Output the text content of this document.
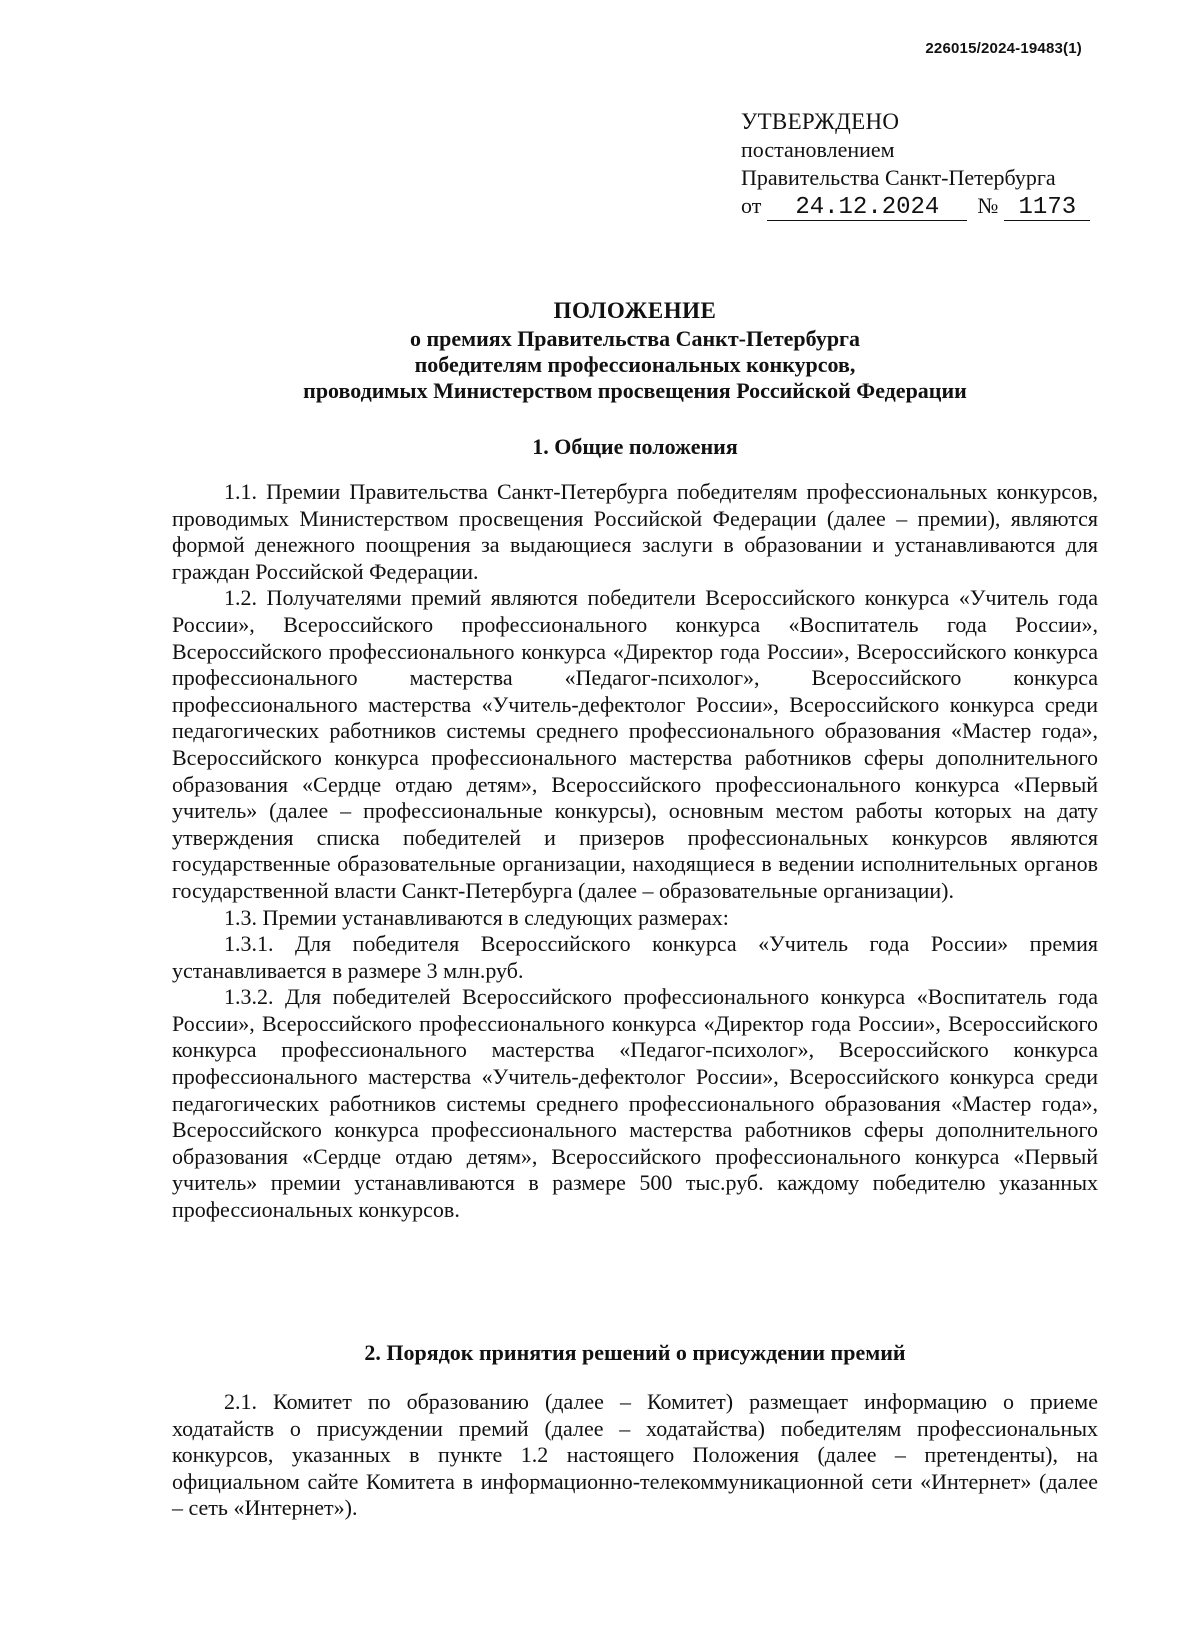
226015/2024-19483(1)
УТВЕРЖДЕНО
постановлением
Правительства Санкт-Петербурга
от 24.12.2024 № 1173
ПОЛОЖЕНИЕ
о премиях Правительства Санкт-Петербурга
победителям профессиональных конкурсов,
проводимых Министерством просвещения Российской Федерации
1. Общие положения

1.1. Премии Правительства Санкт-Петербурга победителям профессиональных конкурсов, проводимых Министерством просвещения Российской Федерации (далее – премии), являются формой денежного поощрения за выдающиеся заслуги в образовании и устанавливаются для граждан Российской Федерации.

1.2. Получателями премий являются победители Всероссийского конкурса «Учитель года России», Всероссийского профессионального конкурса «Воспитатель года России», Всероссийского профессионального конкурса «Директор года России», Всероссийского конкурса профессионального мастерства «Педагог-психолог», Всероссийского конкурса профессионального мастерства «Учитель-дефектолог России», Всероссийского конкурса среди педагогических работников системы среднего профессионального образования «Мастер года», Всероссийского конкурса профессионального мастерства работников сферы дополнительного образования «Сердце отдаю детям», Всероссийского профессионального конкурса «Первый учитель» (далее – профессиональные конкурсы), основным местом работы которых на дату утверждения списка победителей и призеров профессиональных конкурсов являются государственные образовательные организации, находящиеся в ведении исполнительных органов государственной власти Санкт-Петербурга (далее – образовательные организации).

1.3. Премии устанавливаются в следующих размерах:

1.3.1. Для победителя Всероссийского конкурса «Учитель года России» премия устанавливается в размере 3 млн.руб.

1.3.2. Для победителей Всероссийского профессионального конкурса «Воспитатель года России», Всероссийского профессионального конкурса «Директор года России», Всероссийского конкурса профессионального мастерства «Педагог-психолог», Всероссийского конкурса профессионального мастерства «Учитель-дефектолог России», Всероссийского конкурса среди педагогических работников системы среднего профессионального образования «Мастер года», Всероссийского конкурса профессионального мастерства работников сферы дополнительного образования «Сердце отдаю детям», Всероссийского профессионального конкурса «Первый учитель» премии устанавливаются в размере 500 тыс.руб. каждому победителю указанных профессиональных конкурсов.

2. Порядок принятия решений о присуждении премий

2.1. Комитет по образованию (далее – Комитет) размещает информацию о приеме ходатайств о присуждении премий (далее – ходатайства) победителям профессиональных конкурсов, указанных в пункте 1.2 настоящего Положения (далее – претенденты), на официальном сайте Комитета в информационно-телекоммуникационной сети «Интернет» (далее – сеть «Интернет»).
